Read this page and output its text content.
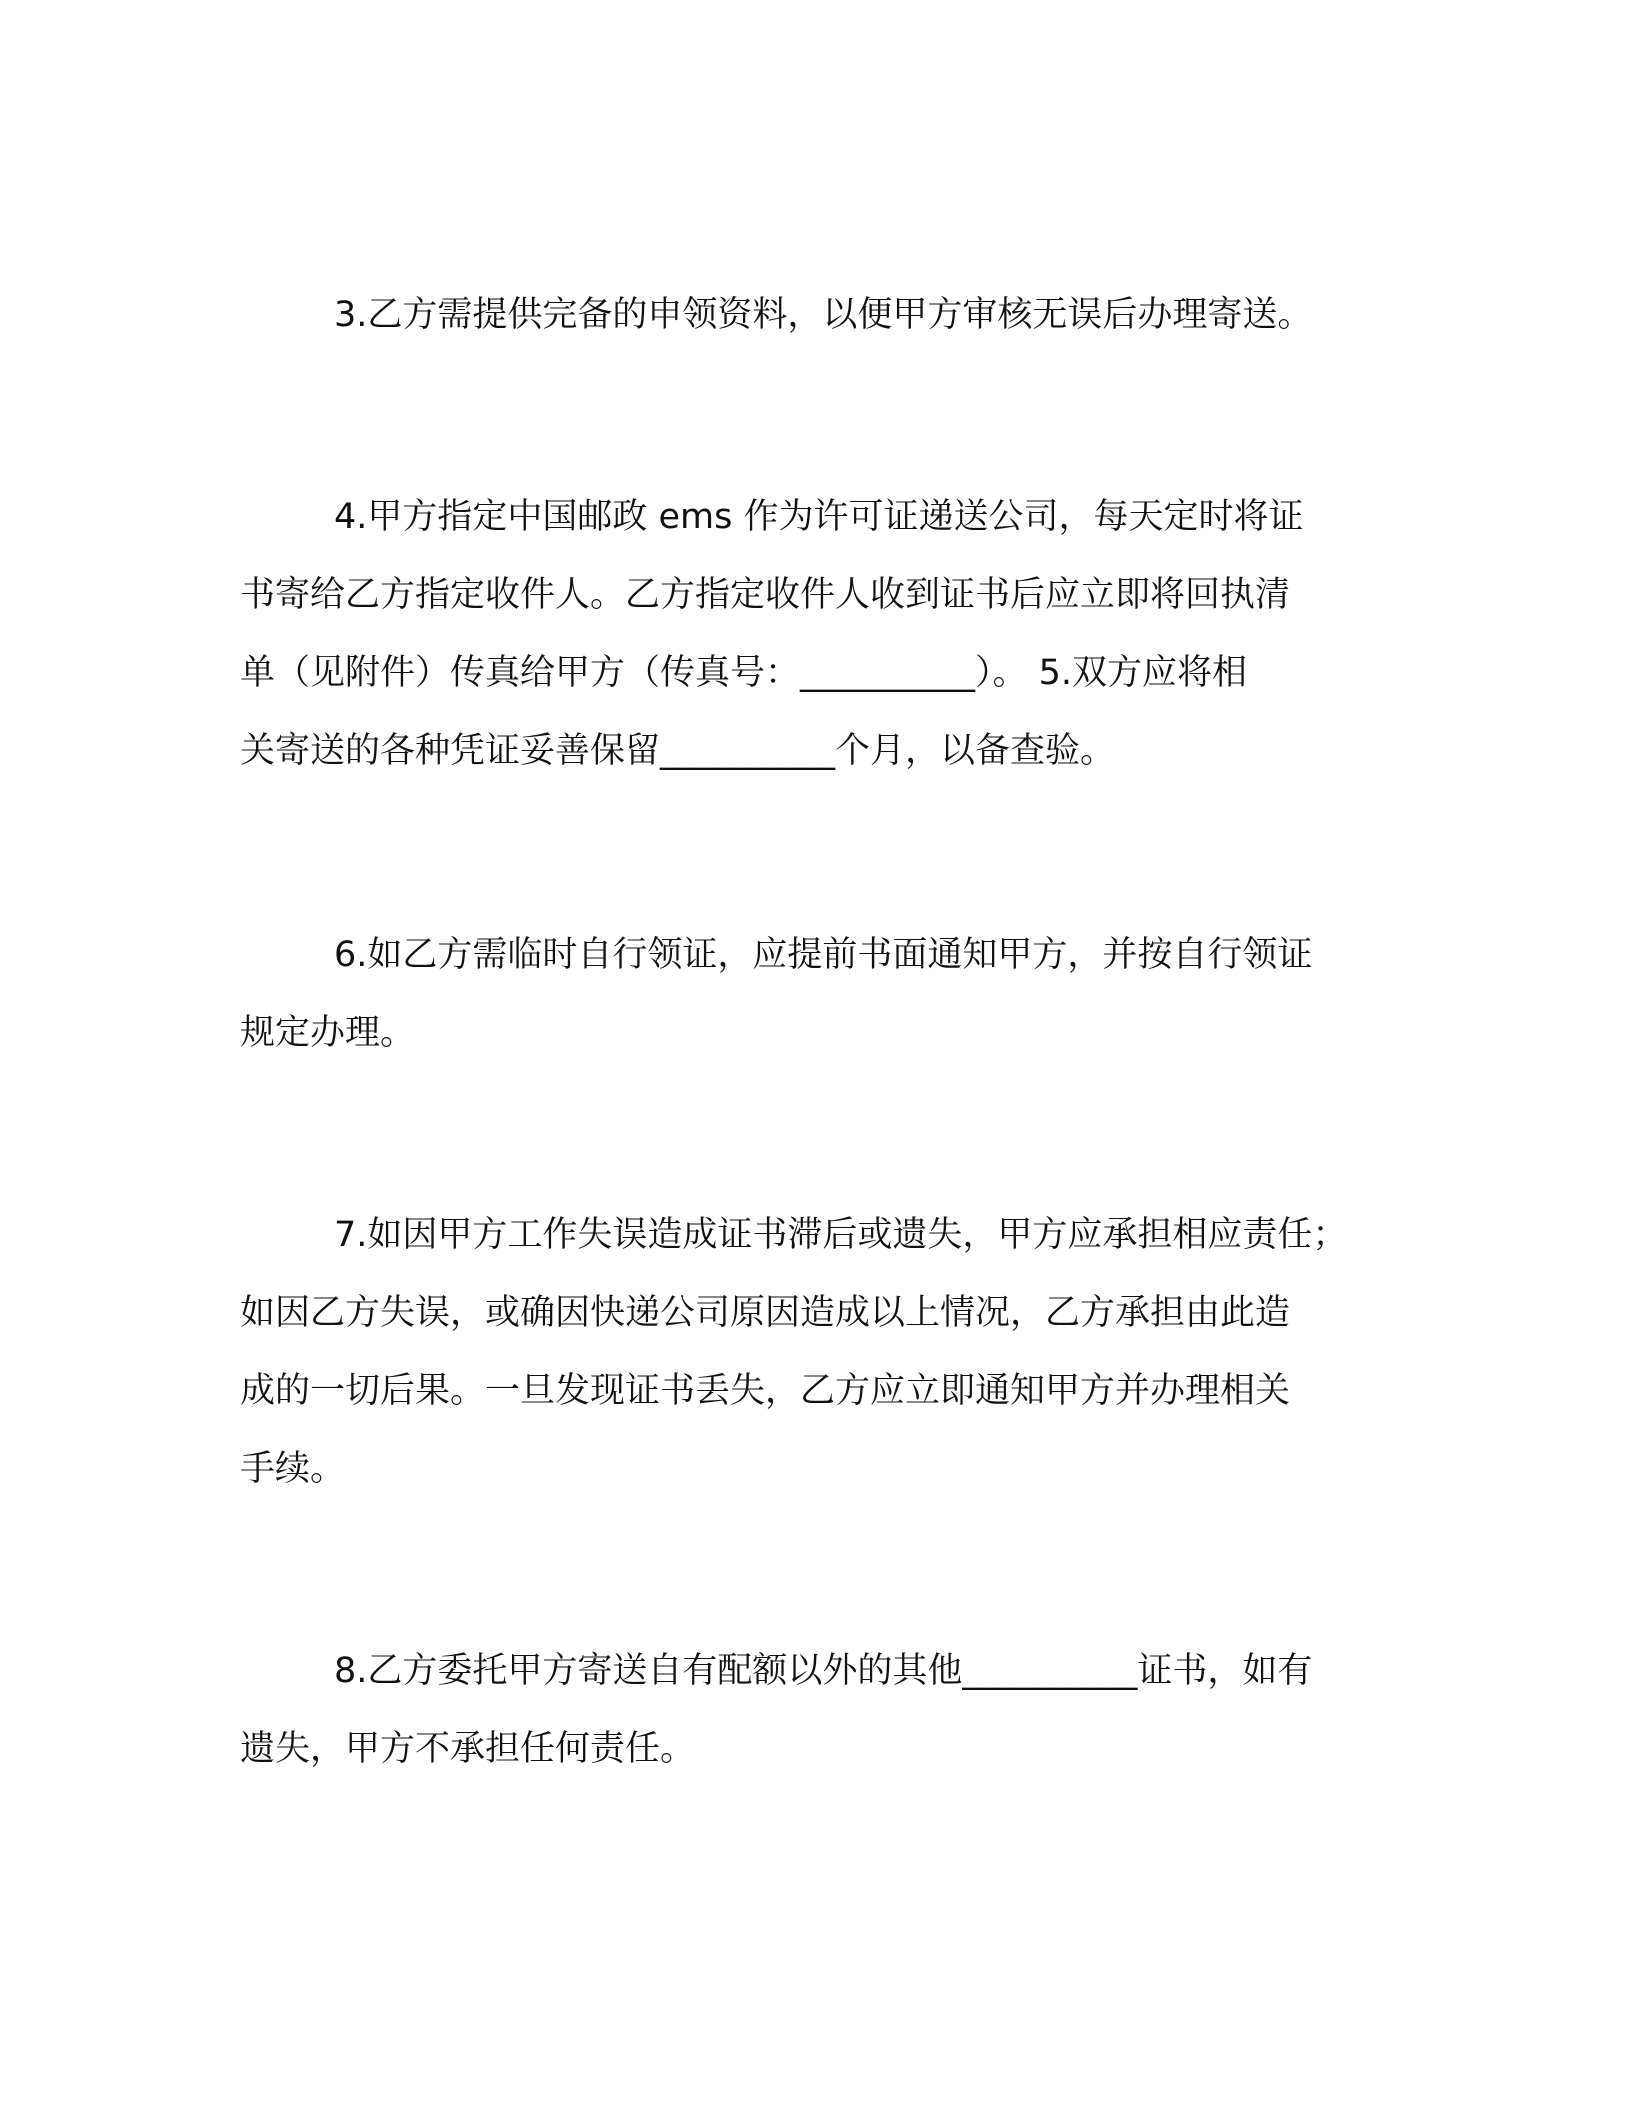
3.乙方需提供完备的申领资料，以便甲方审核无误后办理寄送。

4.甲方指定中国邮政 ems 作为许可证递送公司，每天定时将证
书寄给乙方指定收件人。乙方指定收件人收到证书后应立即将回执清
单（见附件）传真给甲方（传真号：__________）。 5.双方应将相
关寄送的各种凭证妥善保留__________个月，以备查验。

6.如乙方需临时自行领证，应提前书面通知甲方，并按自行领证
规定办理。

7.如因甲方工作失误造成证书滞后或遗失，甲方应承担相应责任；
如因乙方失误，或确因快递公司原因造成以上情况，乙方承担由此造
成的一切后果。一旦发现证书丢失，乙方应立即通知甲方并办理相关
手续。

8.乙方委托甲方寄送自有配额以外的其他__________证书，如有
遗失，甲方不承担任何责任。
